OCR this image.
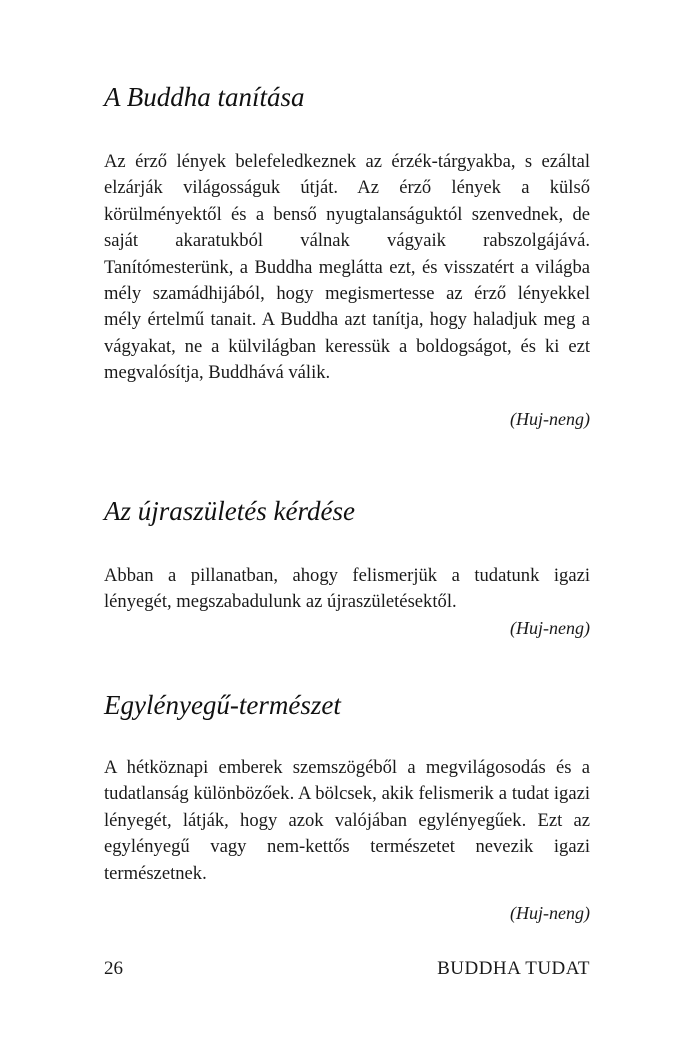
A Buddha tanítása

Az érző lények belefeledkeznek az érzék-tárgyakba, s ezáltal elzárják világosságuk útját. Az érző lények a külső körülményektől és a benső nyugtalanságuktól szenvednek, de saját akaratukból válnak vágyaik rabszolgájává. Tanítómesterünk, a Buddha meglátta ezt, és visszatért a világba mély szamádhijából, hogy megismertesse az érző lényekkel mély értelmű tanait. A Buddha azt tanítja, hogy haladjuk meg a vágyakat, ne a külvilágban keressük a boldogságot, és ki ezt megvalósítja, Buddhává válik.

(Huj-neng)

Az újraszületés kérdése

Abban a pillanatban, ahogy felismerjük a tudatunk igazi lényegét, megszabadulunk az újraszületésektől.

(Huj-neng)

Egylényegű-természet

A hétköznapi emberek szemszögéből a megvilágosodás és a tudatlanság különbözőek. A bölcsek, akik felismerik a tudat igazi lényegét, látják, hogy azok valójában egylényegűek. Ezt az egylényegű vagy nem-kettős természetet nevezik igazi természetnek.

(Huj-neng)

26	BUDDHA TUDAT
